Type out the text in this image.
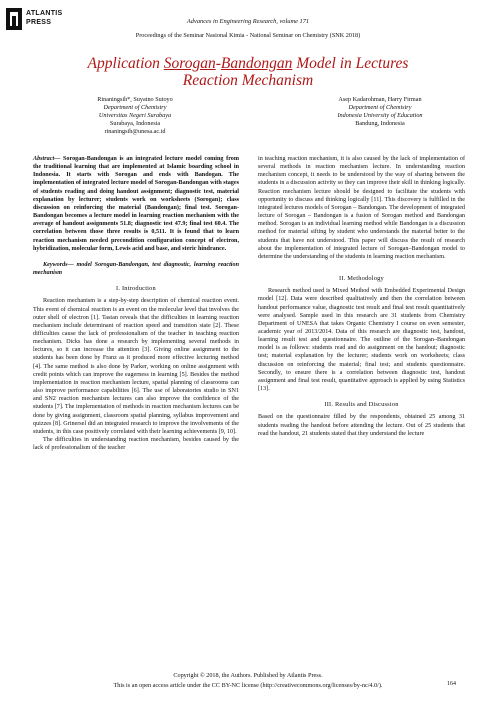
ATLANTIS
PRESS	Advances in Engineering Research, volume 171
Proceedings of the Seminar Nasional Kimia - National Seminar on Chemistry (SNK 2018)
Application Sorogan-Bandongan Model in Lectures
Reaction Mechanism
Rinaningsih*, Suyatno Sutoyo
Department of Chemistry
Universitas Negeri Surabaya
Surabaya, Indonesia
rinaningsih@unesa.ac.id
Asep Kadarohman, Harry Firman
Department of Chemistry
Indonesia University of Education
Bandung, Indonesia

Abstract— Sorogan-Bandongan is an integrated lecture model coming from the traditional learning that are implemented at Islamic boarding school in Indonesia. It starts with Sorogan and ends with Bandogan. The implementation of integrated lecture model of Sorogan-Bandongan with stages of students reading and doing handout assignment; diagnostic test, material explanation by lecturer; students work on worksheets (Sorogan); class discussion on reinforcing the material (Bandongan); final test. Sorogan-Bandongan becomes a lecture model in learning reaction mechanism with the average of handout assignments 51.8; diagnostic test 47.9; final test 60.4. The correlation between those three results is 0,511. It is found that to learn reaction mechanism needed precondition configuration concept of electron, hybridization, molecular form, Lewis acid and base, and steric hindrance.

Keywords— model Sorogan-Bandongan, test diagnostic, learning reaction mechanism

I. Introduction

Reaction mechanism is a step-by-step description of chemical reaction event. This event of chemical reaction is an event on the molecular level that involves the outer shell of electron [1]. Tastan reveals that the difficulties in learning reaction mechanism include determinant of reaction speed and transition state [2]. These difficulties cause the lack of professionalism of the teacher in teaching reaction mechanism. Dicks has done a research by implementing several methods in lectures, so it can increase the attention [3]. Giving online assignment to the students has been done by Franz as it produced more effective lecturing method [4]. The same method is also done by Parker, working on online assignment with credit points which can improve the eagerness in learning [5]. Besides the method implementation in reaction mechanism lecture, spatial planning of classrooms can also improve performance capabilities [6]. The use of laboratories studio in SN1 and SN2 reaction mechanism lectures can also improve the confidence of the students [7]. The implementation of methods in reaction mechanism lectures can be done by giving assignment, classroom spatial planning, syllabus improvement and quizzes [8]. Grinersel did an integrated research to improve the involvements of the students, in this case positively correlated with their learning achievements [9, 10].

The difficulties in understanding reaction mechanism, besides caused by the lack of professionalism of the teacher

in teaching reaction mechanism, it is also caused by the lack of implementation of several methods in reaction mechanism lecture. In understanding reaction mechanism concept, it needs to be understood by the way of sharing between the students in a discussion activity so they can improve their skill in thinking logically. Reaction mechanism lecture should be designed to facilitate the students with opportunity to discuss and thinking logically [11]. This discovery is fulfilled in the integrated lectures models of Sorogan – Bandongan. The development of integrated lecture of Sorogan – Bandongan is a fusion of Sorogan method and Bandongan method. Sorogan is an individual learning method while Bandongan is a discussion method for material sifting by student who understands the material better to the students that have not understood. This paper will discuss the result of research about the implementation of integrated lecture of Sorogan–Bandongan model to determine the understanding of the students in learning reaction mechanism.

II. Methodology

Research method used is Mixed Method with Embedded Experimental Design model [12]. Data were described qualitatively and then the correlation between handout performance value, diagnostic test result and final test result quantitatively were analysed. Sample used in this research are 31 students from Chemistry Department of UNESA that takes Organic Chemistry I course on even semester, academic year of 2013/2014. Data of this research are diagnostic test, handout, learning result test and questionnaire. The outline of the Sorogan–Bandongan model is as follows: students read and do assignment on the handout; diagnostic test; material explanation by the lecturer; students work on worksheets; class discussion on reinforcing the material; final test; and students questionnaire. Secondly, to ensure there is a correlation between diagnostic test, handout assignment and final test result, quantitative approach is applied by using Statistics [13].

III. Results and Discussion

Based on the questionnaire filled by the respondents, obtained 25 among 31 students reading the handout before attending the lecture. Out of 25 students that read the handout, 21 students stated that they understand the lecture

Copyright © 2018, the Authors. Published by Atlantis Press.
This is an open access article under the CC BY-NC license (http://creativecommons.org/licenses/by-nc/4.0/).	164
